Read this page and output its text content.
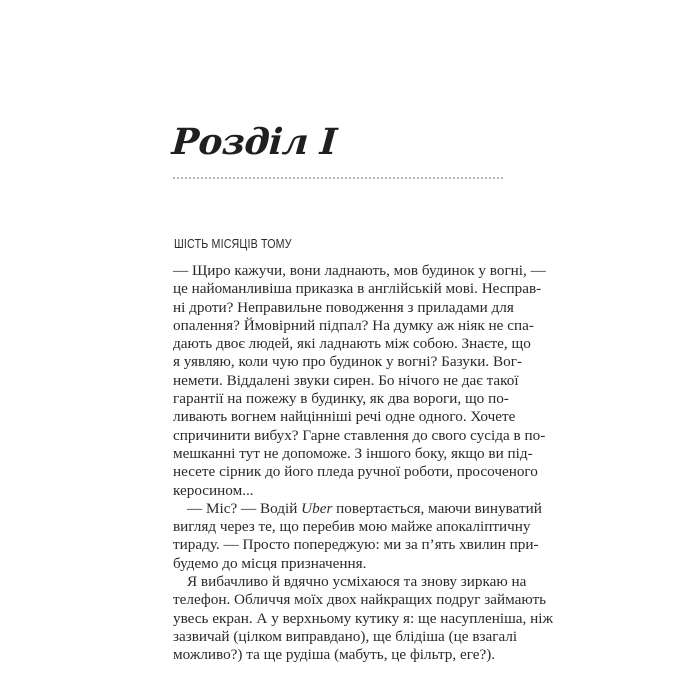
Розділ I
ШІСТЬ МІСЯЦІВ ТОМУ
— Щиро кажучи, вони ладнають, мов будинок у вогні, —
це найоманливіша приказка в англійській мові. Неспрaв-
ні дроти? Неправильне поводження з приладами для
опалення? Ймовірний підпал? На думку аж ніяк не спа-
дають двоє людей, які ладнають між собою. Знаєте, що
я уявляю, коли чую про будинок у вогні? Базуки. Вог-
немети. Віддалені звуки сирен. Бо нічого не дає такої
гарантії на пожежу в будинку, як два вороги, що по-
ливають вогнем найцінніші речі одне одного. Хочете
спричинити вибух? Гарне ставлення до свого сусіда в по-
мешканні тут не допоможе. З іншого боку, якщо ви під-
несете сірник до його пледа ручної роботи, просоченого
керосином...
— Міс? — Водій Uber повертається, маючи винуватий
вигляд через те, що перебив мою майже апокаліптичну
тираду. — Просто попереджую: ми за п’ять хвилин при-
будемо до місця призначення.
Я вибачливо й вдячно усміхаюся та знову зиркаю на
телефон. Обличчя моїх двох найкращих подруг займають
увесь екран. А у верхньому кутику я: ще насупленіша, ніж
зазвичай (цілком виправдано), ще блідіша (це взагалі
можливо?) та ще рудіша (мабуть, це фільтр, еге?).
